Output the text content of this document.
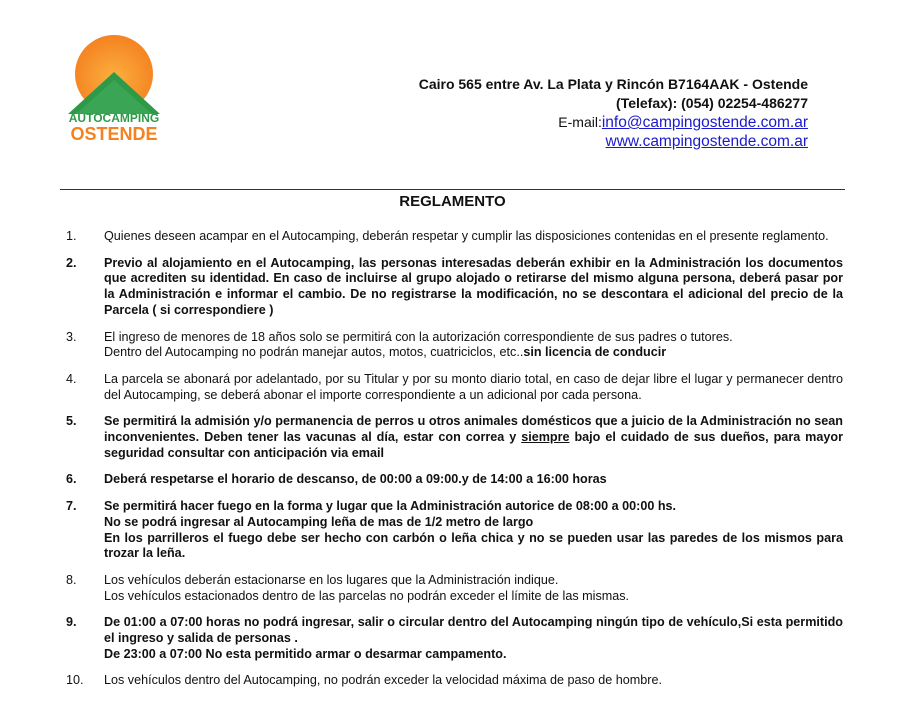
AUTOCAMPING
OSTENDE
Cairo 565 entre Av. La Plata y Rincón B7164AAK - Ostende
(Telefax): (054) 02254-486277
E-mail:info@campingostende.com.ar
www.campingostende.com.ar
REGLAMENTO
1.	Quienes deseen acampar en el Autocamping, deberán respetar y cumplir las disposiciones contenidas en el presente reglamento.
2.	Previo al alojamiento en el Autocamping, las personas interesadas deberán exhibir en la Administración los documentos que acrediten su identidad. En caso de incluirse al grupo alojado o retirarse del mismo alguna persona, deberá pasar por la Administración e informar el cambio. De no registrarse la modificación, no se descontara el adicional del precio de la Parcela ( si correspondiere )
3.	El ingreso de menores de 18 años solo se permitirá con la autorización correspondiente de sus padres o tutores.
Dentro del Autocamping no podrán manejar autos, motos, cuatriciclos, etc..sin licencia de conducir
4.	La parcela se abonará por adelantado, por su Titular y por su monto diario total, en caso de dejar libre el lugar y permanecer dentro del Autocamping, se deberá abonar el importe correspondiente a un adicional por cada persona.
5.	Se permitirá la admisión y/o permanencia de perros u otros animales domésticos que a juicio de la Administración no sean inconvenientes. Deben tener las vacunas al día, estar con correa y siempre bajo el cuidado de sus dueños, para mayor seguridad consultar con anticipación via email
6.	Deberá respetarse el horario de descanso, de 00:00 a 09:00.y de 14:00 a 16:00 horas
7.	Se permitirá hacer fuego en la forma y lugar que la Administración autorice de 08:00 a 00:00 hs.
No se podrá ingresar al Autocamping leña de mas de 1/2 metro de largo
En los parrilleros el fuego debe ser hecho con carbón o leña chica y no se pueden usar las paredes de los mismos para trozar la leña.
8.	Los vehículos deberán estacionarse en los lugares que la Administración indique.
Los vehículos estacionados dentro de las parcelas no podrán exceder el límite de las mismas.
9.	De 01:00 a 07:00 horas no podrá ingresar, salir o circular dentro del Autocamping ningún tipo de vehículo,Si esta permitido el ingreso y salida de personas .
De 23:00 a 07:00 No esta permitido armar o desarmar campamento.
10.	Los vehículos dentro del Autocamping, no podrán exceder la velocidad máxima de paso de hombre.
